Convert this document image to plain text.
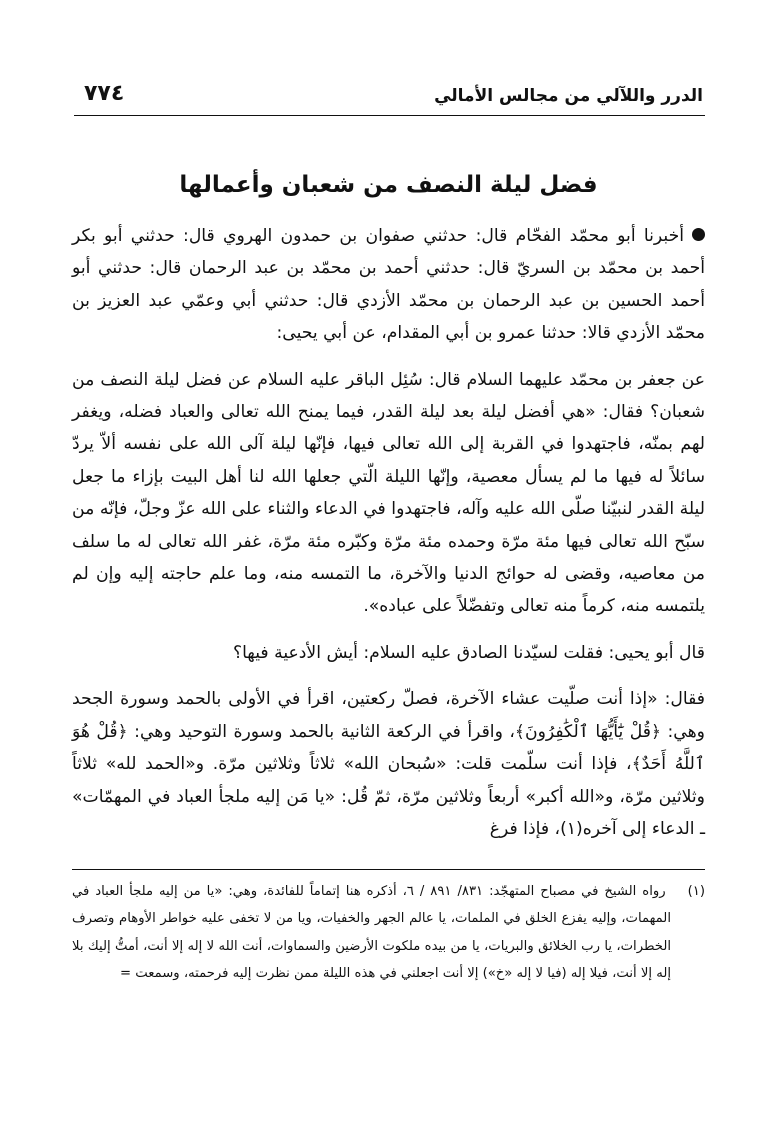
الدرر واللآلي من مجالس الأمالي
٧٧٤
فضل ليلة النصف من شعبان وأعمالها

أخبرنا أبو محمّد الفحّام قال: حدثني صفوان بن حمدون الهروي قال: حدثني أبو بكر أحمد بن محمّد بن السريّ قال: حدثني أحمد بن محمّد بن عبد الرحمان قال: حدثني أبو أحمد الحسين بن عبد الرحمان بن محمّد الأزدي قال: حدثني أبي وعمّي عبد العزيز بن محمّد الأزدي قالا: حدثنا عمرو بن أبي المقدام، عن أبي يحيى:

عن جعفر بن محمّد عليهما السلام قال: سُئِل الباقر عليه السلام عن فضل ليلة النصف من شعبان؟ فقال: «هي أفضل ليلة بعد ليلة القدر، فيما يمنح الله تعالى والعباد فضله، ويغفر لهم بمنّه، فاجتهدوا في القربة إلى الله تعالى فيها، فإنّها ليلة آلى الله على نفسه ألاّ يردّ سائلاً له فيها ما لم يسأل معصية، وإنّها الليلة الّتي جعلها الله لنا أهل البيت بإزاء ما جعل ليلة القدر لنبيّنا صلّى الله عليه وآله، فاجتهدوا في الدعاء والثناء على الله عزّ وجلّ، فإنّه من سبّح الله تعالى فيها مئة مرّة وحمده مئة مرّة وكبّره مئة مرّة، غفر الله تعالى له ما سلف من معاصيه، وقضى له حوائج الدنيا والآخرة، ما التمسه منه، وما علم حاجته إليه وإن لم يلتمسه منه، كرماً منه تعالى وتفضّلاً على عباده».

قال أبو يحيى: فقلت لسيّدنا الصادق عليه السلام: أيش الأدعية فيها؟

فقال: «إذا أنت صلّيت عشاء الآخرة، فصلّ ركعتين، اقرأ في الأولى بالحمد وسورة الجحد وهي: ﴿قُلْ يَٰٓأَيُّهَا ٱلْكَٰفِرُونَ﴾، واقرأ في الركعة الثانية بالحمد وسورة التوحيد وهي: ﴿قُلْ هُوَ ٱللَّهُ أَحَدٌ﴾، فإذا أنت سلّمت قلت: «سُبحان الله» ثلاثاً وثلاثين مرّة. و«الحمد لله» ثلاثاً وثلاثين مرّة، و«الله أكبر» أربعاً وثلاثين مرّة، ثمّ قُل: «يا مَن إليه ملجأ العباد في المهمّات» ـ الدعاء إلى آخره(١)، فإذا فرغ

(١)
رواه الشيخ في مصباح المتهجّد: ٨٣١/ ٨٩١ / ٦، أذكره هنا إتماماً للفائدة، وهي: «يا من إليه ملجأ العباد في المهمات، وإليه يفزع الخلق في الملمات، يا عالم الجهر والخفيات، ويا من لا تخفى عليه خواطر الأوهام وتصرف الخطرات، يا رب الخلائق والبريات، يا من بيده ملكوت الأرضين والسماوات، أنت الله لا إله إلا أنت، أمتُّ إليك بلا إله إلا أنت، فيلا إله (فيا لا إله «خ») إلا أنت اجعلني في هذه الليلة ممن نظرت إليه فرحمته، وسمعت =
